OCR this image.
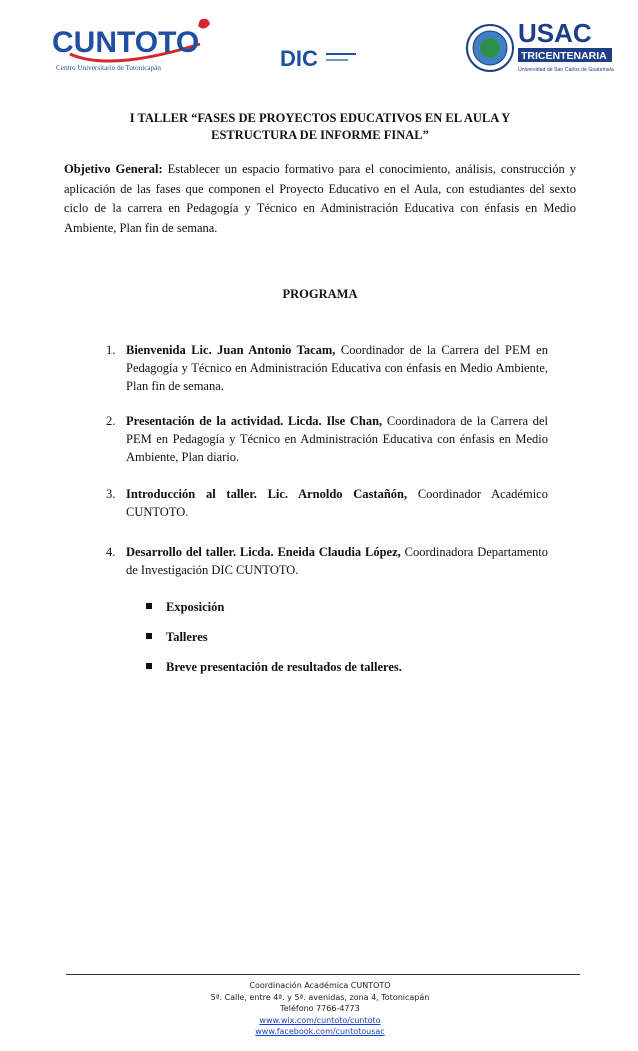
CUNTOTO
Centro Universitario de Totonicapán	DIC
USAC
TRICENTENARIA
Universidad de San Carlos de Guatemala
I TALLER “FASES DE PROYECTOS EDUCATIVOS EN EL AULA Y
ESTRUCTURA DE INFORME FINAL”
Objetivo General: Establecer un espacio formativo para el conocimiento, análisis, construcción y aplicación de las fases que componen el Proyecto Educativo en el Aula, con estudiantes del sexto ciclo de la carrera en Pedagogía y Técnico en Administración Educativa con énfasis en Medio Ambiente, Plan fin de semana.
PROGRAMA
1. Bienvenida Lic. Juan Antonio Tacam, Coordinador de la Carrera del PEM en Pedagogía y Técnico en Administración Educativa con énfasis en Medio Ambiente, Plan fin de semana.
2. Presentación de la actividad. Licda. Ilse Chan, Coordinadora de la Carrera del PEM en Pedagogía y Técnico en Administración Educativa con énfasis en Medio Ambiente, Plan diario.
3. Introducción al taller. Lic. Arnoldo Castañón, Coordinador Académico CUNTOTO.
4. Desarrollo del taller. Licda. Eneida Claudia López, Coordinadora Departamento de Investigación DIC CUNTOTO.
Exposición
Talleres
Breve presentación de resultados de talleres.
Coordinación Académica CUNTOTO
5ª. Calle, entre 4ª. y 5ª. avenidas, zona 4, Totonicapán
Teléfono 7766-4773
www.wix.com/cuntoto/cuntoto
www.facebook.com/cuntotousac
